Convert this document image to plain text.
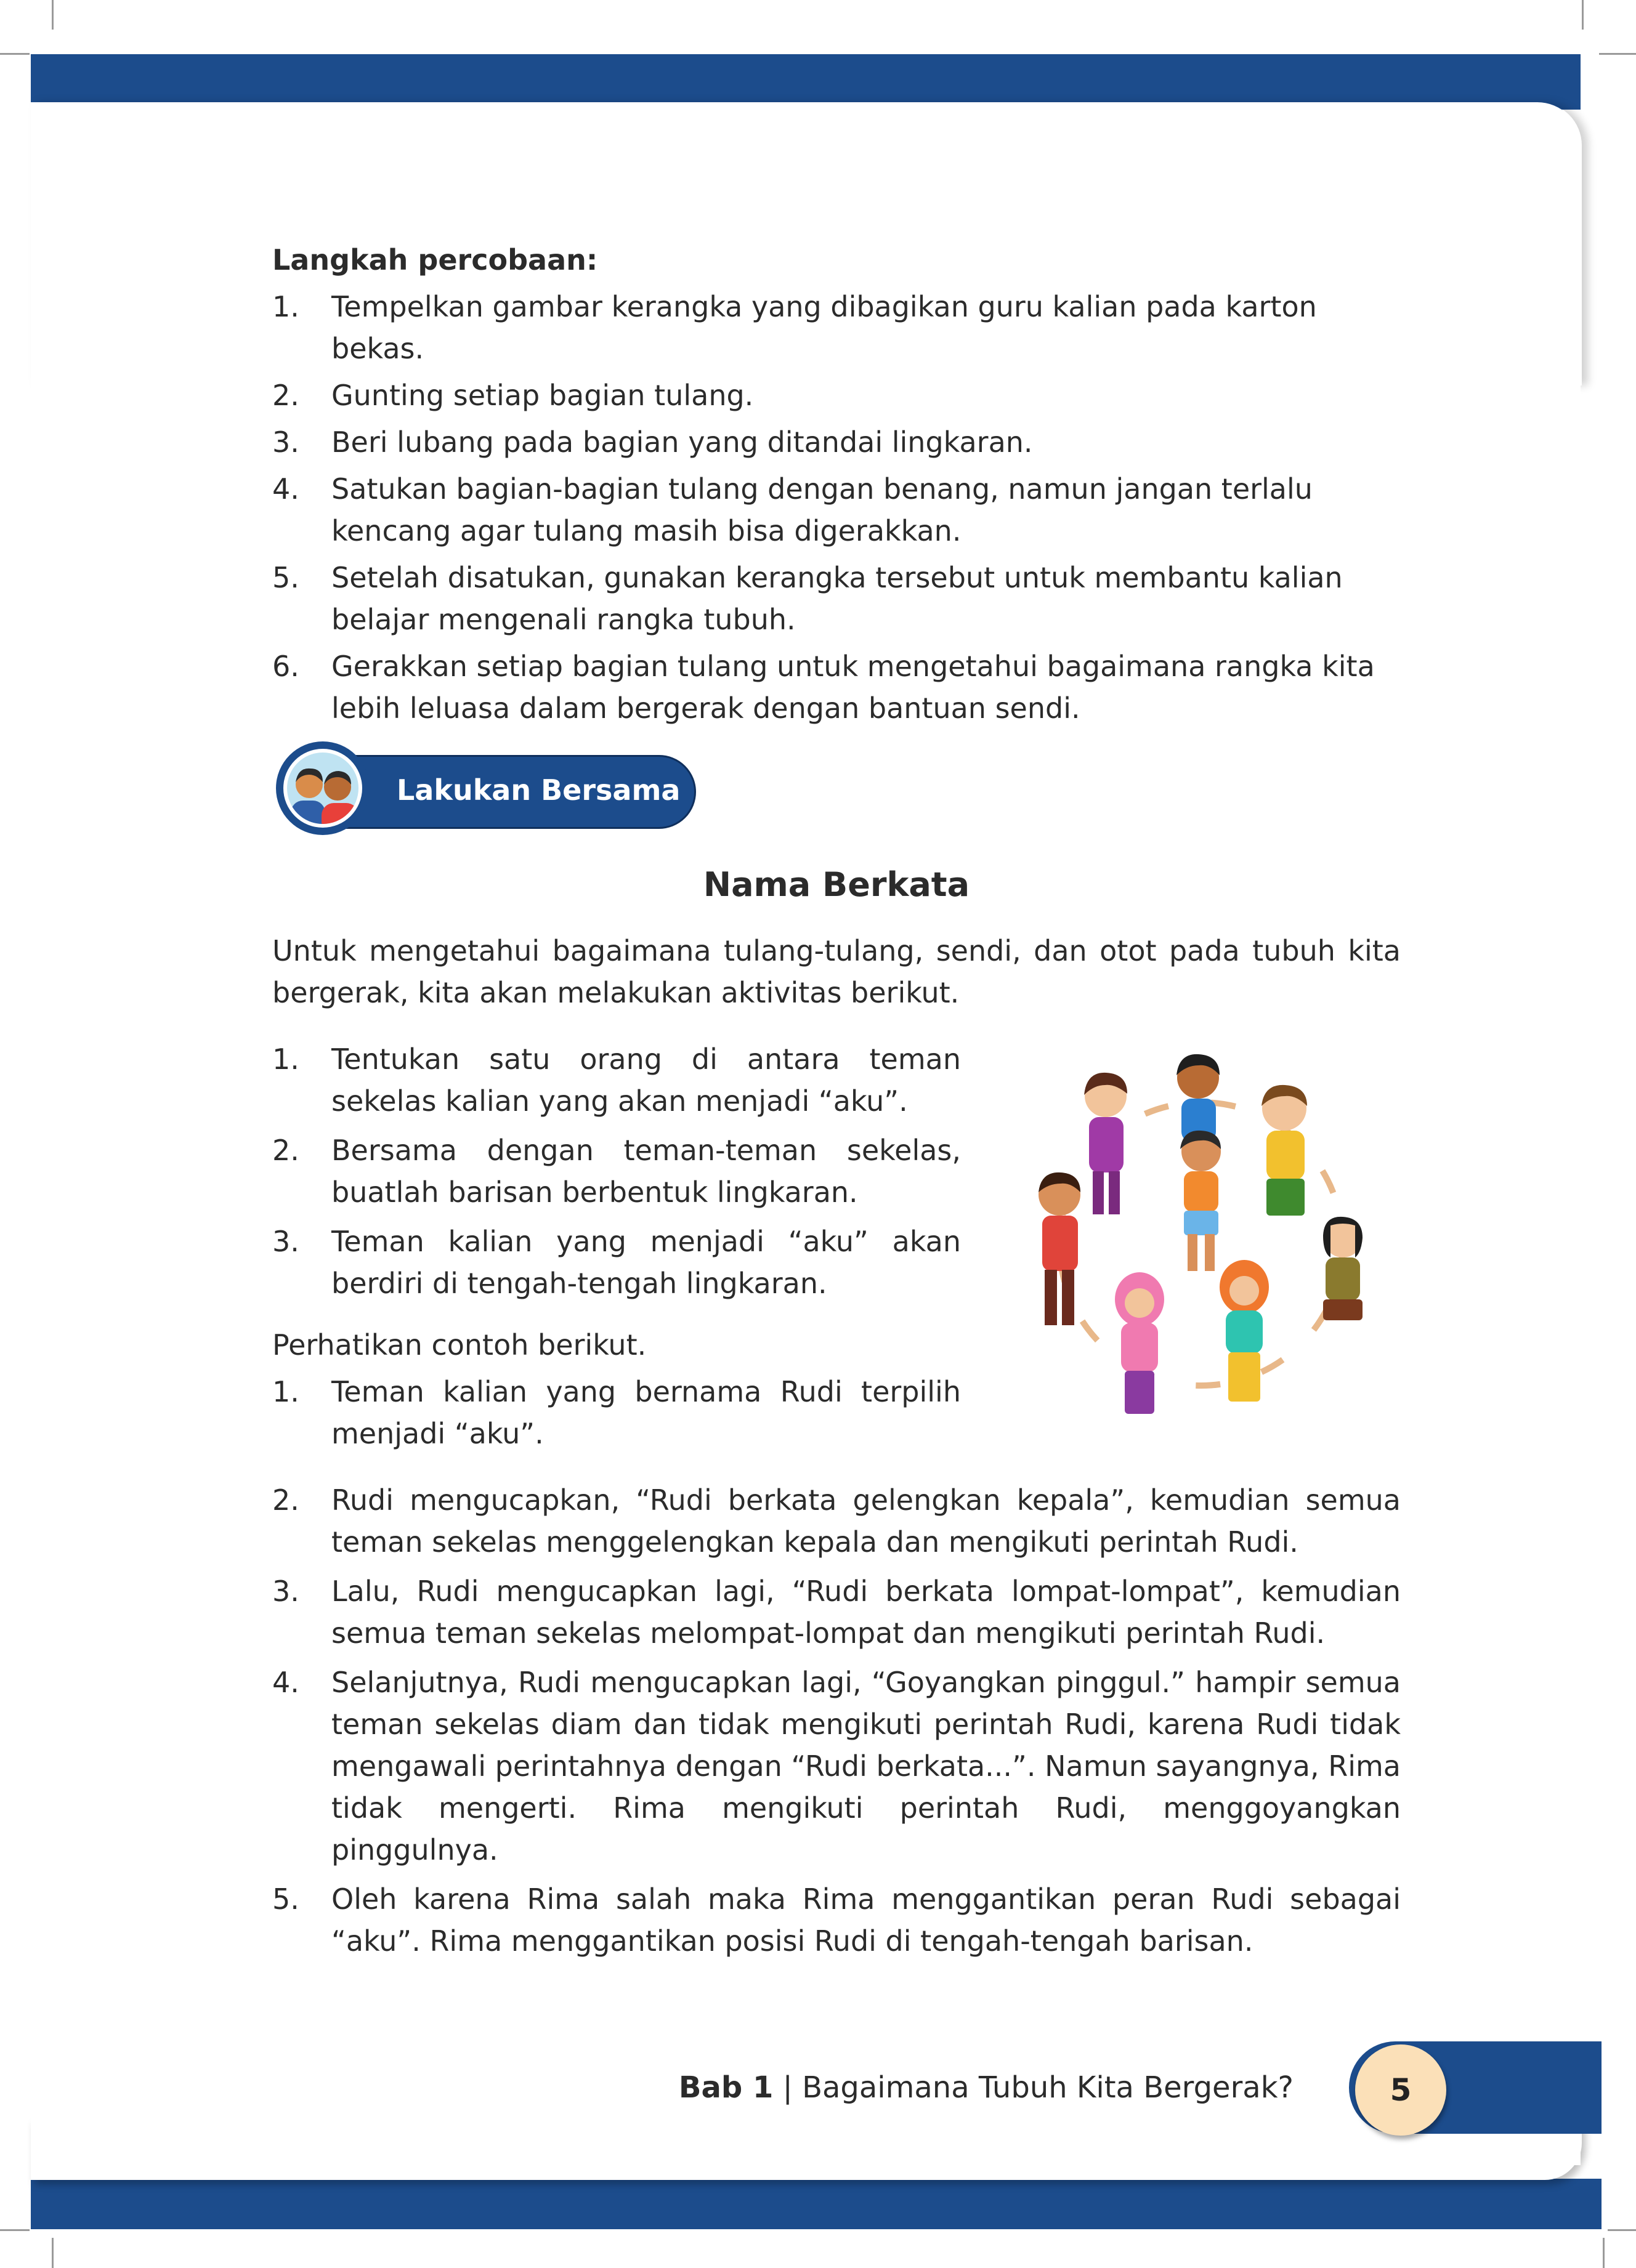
Langkah percobaan:

1. Tempelkan gambar kerangka yang dibagikan guru kalian pada karton bekas.
2. Gunting setiap bagian tulang.
3. Beri lubang pada bagian yang ditandai lingkaran.
4. Satukan bagian-bagian tulang dengan benang, namun jangan terlalu kencang agar tulang masih bisa digerakkan.
5. Setelah disatukan, gunakan kerangka tersebut untuk membantu kalian belajar mengenali rangka tubuh.
6. Gerakkan setiap bagian tulang untuk mengetahui bagaimana rangka kita lebih leluasa dalam bergerak dengan bantuan sendi.
Lakukan Bersama
Nama Berkata
Untuk mengetahui bagaimana tulang-tulang, sendi, dan otot pada tubuh kita bergerak, kita akan melakukan aktivitas berikut.
1. Tentukan satu orang di antara teman sekelas kalian yang akan menjadi “aku”.
2. Bersama dengan teman-teman sekelas, buatlah barisan berbentuk lingkaran.
3. Teman kalian yang menjadi “aku” akan berdiri di tengah-tengah lingkaran.

Perhatikan contoh berikut.

1. Teman kalian yang bernama Rudi terpilih menjadi “aku”.
2. Rudi mengucapkan, “Rudi berkata gelengkan kepala”, kemudian semua teman sekelas menggelengkan kepala dan mengikuti perintah Rudi.
3. Lalu, Rudi mengucapkan lagi, “Rudi berkata lompat-lompat”, kemudian semua teman sekelas melompat-lompat dan mengikuti perintah Rudi.
4. Selanjutnya, Rudi mengucapkan lagi, “Goyangkan pinggul.” hampir semua teman sekelas diam dan tidak mengikuti perintah Rudi, karena Rudi tidak mengawali perintahnya dengan “Rudi berkata...”. Namun sayangnya, Rima tidak mengerti. Rima mengikuti perintah Rudi, menggoyangkan pinggulnya.
5. Oleh karena Rima salah maka Rima menggantikan peran Rudi sebagai “aku”. Rima menggantikan posisi Rudi di tengah-tengah barisan.
5
Bab 1 | Bagaimana Tubuh Kita Bergerak?
